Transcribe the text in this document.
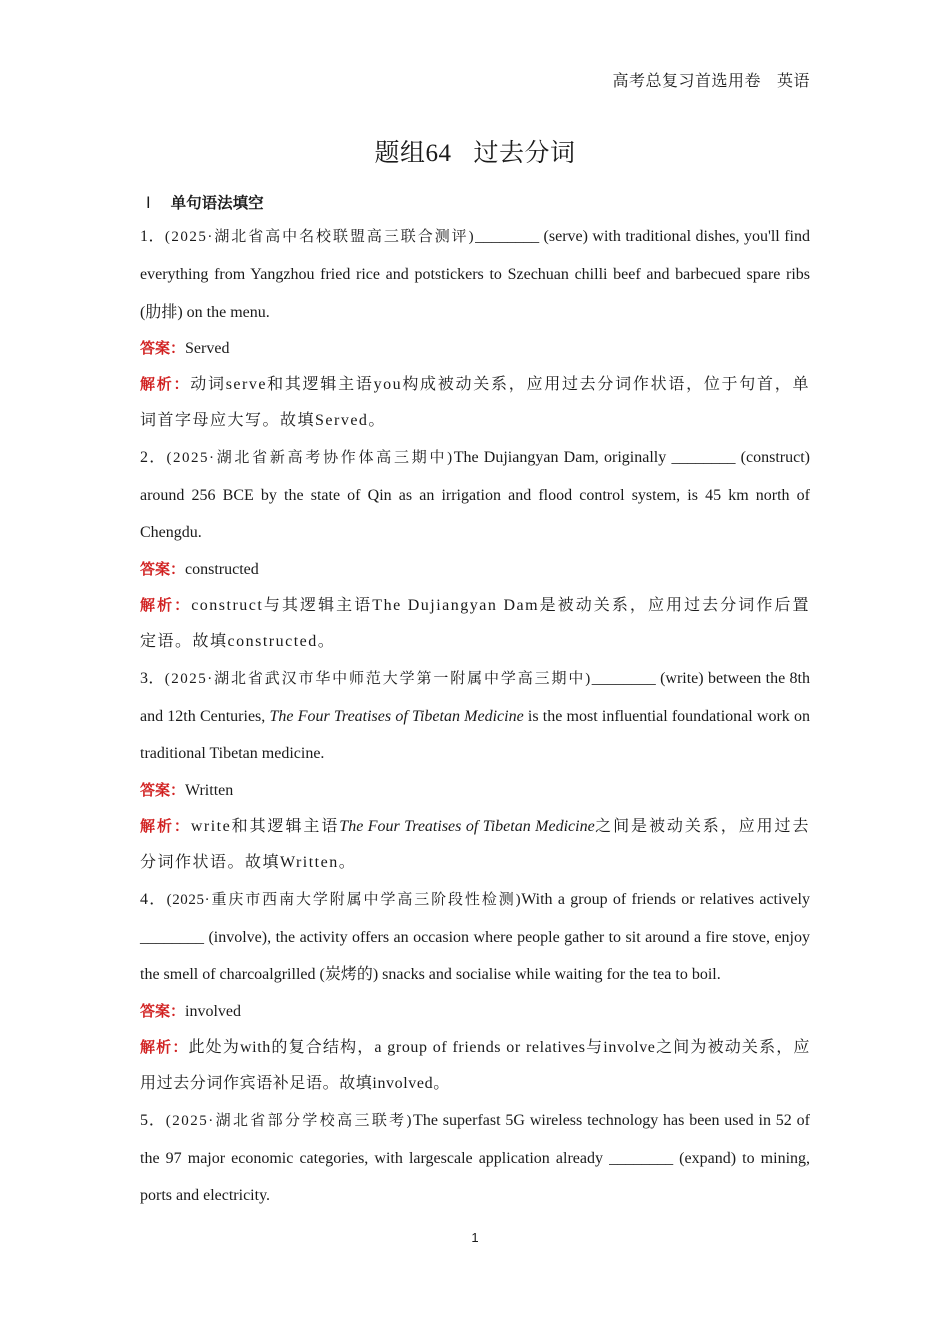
高考总复习首选用卷 英语
题组64 过去分词
Ⅰ 单句语法填空

1．(2025·湖北省高中名校联盟高三联合测评)________ (serve) with traditional dishes, you'll find everything from Yangzhou fried rice and potstickers to Szechuan chilli beef and barbecued spare ribs (肋排) on the menu.

答案：Served

解析：动词serve和其逻辑主语you构成被动关系，应用过去分词作状语，位于句首，单词首字母应大写。故填Served。

2．(2025·湖北省新高考协作体高三期中)The Dujiangyan Dam, originally ________ (construct) around 256 BCE by the state of Qin as an irrigation and flood control system, is 45 km north of Chengdu.

答案：constructed

解析：construct与其逻辑主语The Dujiangyan Dam是被动关系，应用过去分词作后置定语。故填constructed。

3．(2025·湖北省武汉市华中师范大学第一附属中学高三期中)________ (write) between the 8th and 12th Centuries, The Four Treatises of Tibetan Medicine is the most influential foundational work on traditional Tibetan medicine.

答案：Written

解析：write和其逻辑主语The Four Treatises of Tibetan Medicine之间是被动关系，应用过去分词作状语。故填Written。

4．(2025·重庆市西南大学附属中学高三阶段性检测)With a group of friends or relatives actively ________ (involve), the activity offers an occasion where people gather to sit around a fire stove, enjoy the smell of charcoalgrilled (炭烤的) snacks and socialise while waiting for the tea to boil.

答案：involved

解析：此处为with的复合结构，a group of friends or relatives与involve之间为被动关系，应用过去分词作宾语补足语。故填involved。

5．(2025·湖北省部分学校高三联考)The superfast 5G wireless technology has been used in 52 of the 97 major economic categories, with largescale application already ________ (expand) to mining, ports and electricity.

1
